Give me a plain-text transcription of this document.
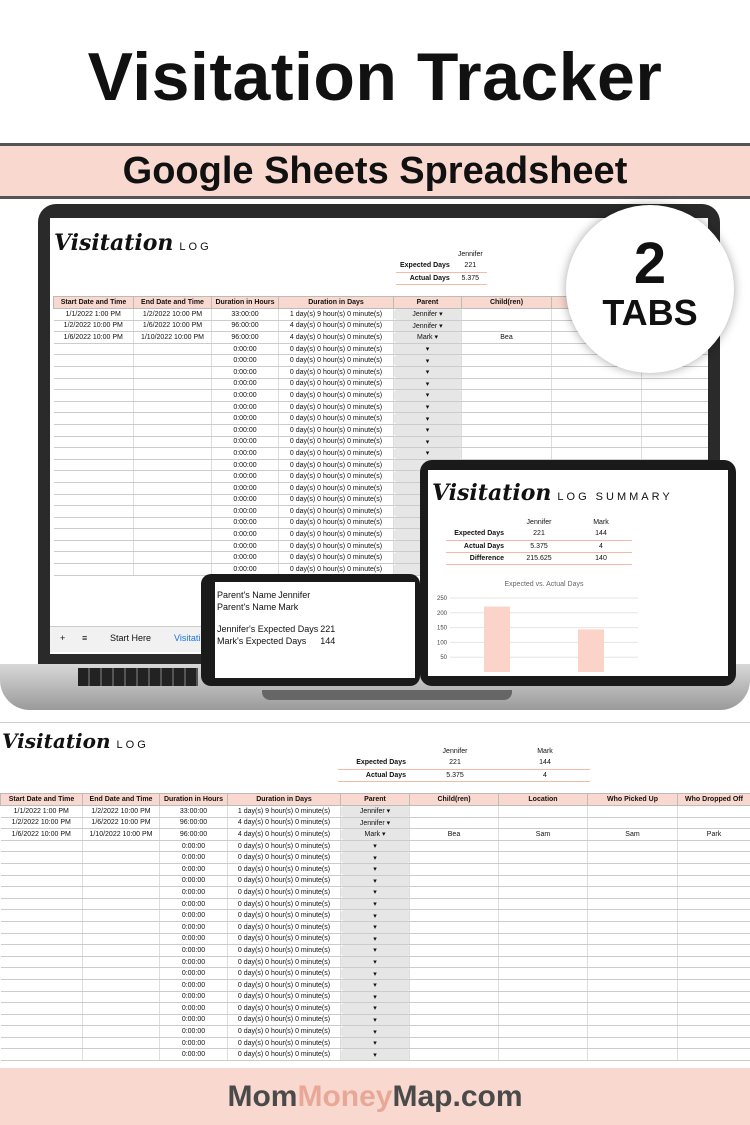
Visitation Tracker
Google Sheets Spreadsheet
Visitation LOG
	Jennifer
Expected Days	221
Actual Days	5.375
Start Date and Time	End Date and Time	Duration in Hours	Duration in Days	Parent	Child(ren)		
1/1/2022 1:00 PM	1/2/2022 10:00 PM	33:00:00	1 day(s) 9 hour(s) 0 minute(s)	Jennifer ▾			
1/2/2022 10:00 PM	1/6/2022 10:00 PM	96:00:00	4 day(s) 0 hour(s) 0 minute(s)	Jennifer ▾			
1/6/2022 10:00 PM	1/10/2022 10:00 PM	96:00:00	4 day(s) 0 hour(s) 0 minute(s)	Mark ▾	Bea		
		0:00:00	0 day(s) 0 hour(s) 0 minute(s)	▾			
		0:00:00	0 day(s) 0 hour(s) 0 minute(s)	▾			
		0:00:00	0 day(s) 0 hour(s) 0 minute(s)	▾			
		0:00:00	0 day(s) 0 hour(s) 0 minute(s)	▾			
		0:00:00	0 day(s) 0 hour(s) 0 minute(s)	▾			
		0:00:00	0 day(s) 0 hour(s) 0 minute(s)	▾			
		0:00:00	0 day(s) 0 hour(s) 0 minute(s)	▾			
		0:00:00	0 day(s) 0 hour(s) 0 minute(s)	▾			
		0:00:00	0 day(s) 0 hour(s) 0 minute(s)	▾			
		0:00:00	0 day(s) 0 hour(s) 0 minute(s)	▾			
		0:00:00	0 day(s) 0 hour(s) 0 minute(s)	▾			
		0:00:00	0 day(s) 0 hour(s) 0 minute(s)	▾			
		0:00:00	0 day(s) 0 hour(s) 0 minute(s)	▾			
		0:00:00	0 day(s) 0 hour(s) 0 minute(s)	▾			
		0:00:00	0 day(s) 0 hour(s) 0 minute(s)	▾			
		0:00:00	0 day(s) 0 hour(s) 0 minute(s)	▾			
		0:00:00	0 day(s) 0 hour(s) 0 minute(s)	▾			
		0:00:00	0 day(s) 0 hour(s) 0 minute(s)	▾			
		0:00:00	0 day(s) 0 hour(s) 0 minute(s)	▾			
		0:00:00	0 day(s) 0 hour(s) 0 minute(s)	▾			
+ ≡	Start Here	Visitati
2
TABS
Parent's Name	Jennifer
Parent's Name	Mark
Jennifer's Expected Days	221
Mark's Expected Days	144
Visitation LOG SUMMARY
	Jennifer	Mark
Expected Days	221	144
Actual Days	5.375	4
Difference	215.625	140
Expected vs. Actual Days
250
200
150
100
50
Visitation LOG
		Jennifer	Mark
Expected Days	221	144
Actual Days	5.375	4
Start Date and Time	End Date and Time	Duration in Hours	Duration in Days	Parent	Child(ren)	Location	Who Picked Up	Who Dropped Off
1/1/2022 1:00 PM	1/2/2022 10:00 PM	33:00:00	1 day(s) 9 hour(s) 0 minute(s)	Jennifer ▾				
1/2/2022 10:00 PM	1/6/2022 10:00 PM	96:00:00	4 day(s) 0 hour(s) 0 minute(s)	Jennifer ▾				
1/6/2022 10:00 PM	1/10/2022 10:00 PM	96:00:00	4 day(s) 0 hour(s) 0 minute(s)	Mark ▾	Bea	Sam	Sam	Park
		0:00:00	0 day(s) 0 hour(s) 0 minute(s)	▾				
		0:00:00	0 day(s) 0 hour(s) 0 minute(s)	▾				
		0:00:00	0 day(s) 0 hour(s) 0 minute(s)	▾				
		0:00:00	0 day(s) 0 hour(s) 0 minute(s)	▾				
		0:00:00	0 day(s) 0 hour(s) 0 minute(s)	▾				
		0:00:00	0 day(s) 0 hour(s) 0 minute(s)	▾				
		0:00:00	0 day(s) 0 hour(s) 0 minute(s)	▾				
		0:00:00	0 day(s) 0 hour(s) 0 minute(s)	▾				
		0:00:00	0 day(s) 0 hour(s) 0 minute(s)	▾				
		0:00:00	0 day(s) 0 hour(s) 0 minute(s)	▾				
		0:00:00	0 day(s) 0 hour(s) 0 minute(s)	▾				
		0:00:00	0 day(s) 0 hour(s) 0 minute(s)	▾				
		0:00:00	0 day(s) 0 hour(s) 0 minute(s)	▾				
		0:00:00	0 day(s) 0 hour(s) 0 minute(s)	▾				
		0:00:00	0 day(s) 0 hour(s) 0 minute(s)	▾				
		0:00:00	0 day(s) 0 hour(s) 0 minute(s)	▾				
		0:00:00	0 day(s) 0 hour(s) 0 minute(s)	▾				
		0:00:00	0 day(s) 0 hour(s) 0 minute(s)	▾				
		0:00:00	0 day(s) 0 hour(s) 0 minute(s)	▾				
MomMoneyMap.com
